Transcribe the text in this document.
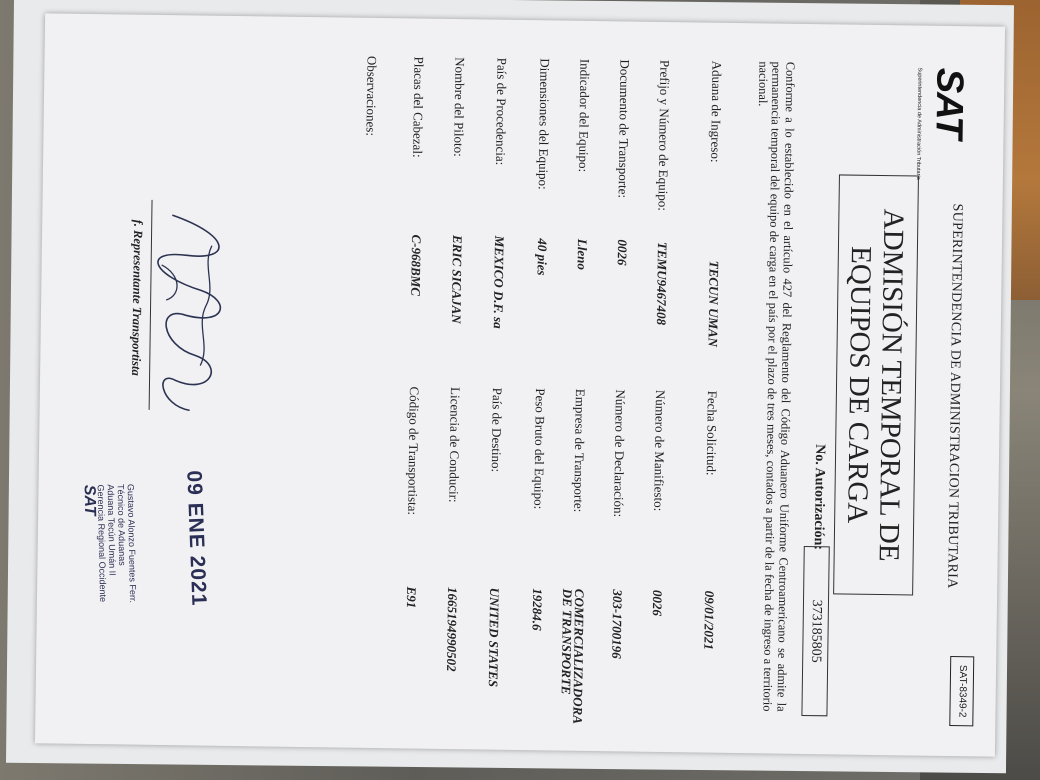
SAT
Superintendencia de Administración Tributaria
SUPERINTENDENCIA DE ADMINISTRACION TRIBUTARIA
SAT-8349-2
ADMISIÓN TEMPORAL DE EQUIPOS DE CARGA
No. Autorización:
373185805
Conforme a lo establecido en el artículo 427 del Reglamento del Código Aduanero Uniforme Centroamericano se admite la permanencia temporal del equipo de carga en el país por el plazo de tres meses, contados a partir de la fecha de ingreso a territorio nacional.
Aduana de Ingreso:
TECUN UMAN
Fecha Solicitud:
09/01/2021
Prefijo y Número de Equipo:
TEMU9467408
Número de Manifiesto:
0026
Documento de Transporte:
0026
Número de Declaración:
303-1700196
Indicador del Equipo:
Lleno
Empresa de Transporte:
COMERCIALIZADORA DE TRANSPORTE
Dimensiones del Equipo:
40 pies
Peso Bruto del Equipo:
19284.6
País de Procedencia:
MEXICO D.F. sa
País de Destino:
UNITED STATES
Nombre del Piloto:
ERIC SICAJAN
Licencia de Conducir:
1665194990502
Placas del Cabezal:
C-968BMC
Código de Transportista:
E91
Observaciones:
f. Representante Transportista
09 ENE 2021
Gustavo Alonzo Fuentes Ferr.
Técnico de Aduanas
Aduana Tecún Umán II
Gerencia Regional Occidente
SAT
